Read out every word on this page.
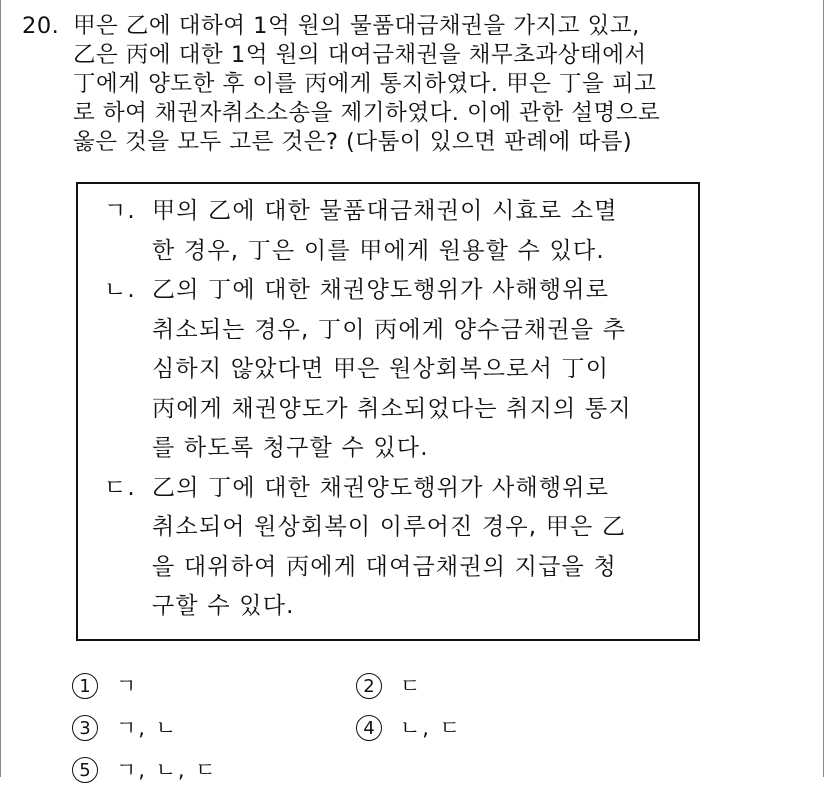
20. 甲은 乙에 대하여 1억 원의 물품대금채권을 가지고 있고,
乙은 丙에 대한 1억 원의 대여금채권을 채무초과상태에서
丁에게 양도한 후 이를 丙에게 통지하였다. 甲은 丁을 피고
로 하여 채권자취소소송을 제기하였다. 이에 관한 설명으로
옳은 것을 모두 고른 것은? (다툼이 있으면 판례에 따름)
ㄱ. 甲의 乙에 대한 물품대금채권이 시효로 소멸
한 경우, 丁은 이를 甲에게 원용할 수 있다.
ㄴ. 乙의 丁에 대한 채권양도행위가 사해행위로
취소되는 경우, 丁이 丙에게 양수금채권을 추
심하지 않았다면 甲은 원상회복으로서 丁이
丙에게 채권양도가 취소되었다는 취지의 통지
를 하도록 청구할 수 있다.
ㄷ. 乙의 丁에 대한 채권양도행위가 사해행위로
취소되어 원상회복이 이루어진 경우, 甲은 乙
을 대위하여 丙에게 대여금채권의 지급을 청
구할 수 있다.
1 ㄱ	2 ㄷ
3 ㄱ, ㄴ	4 ㄴ, ㄷ
5 ㄱ, ㄴ, ㄷ
